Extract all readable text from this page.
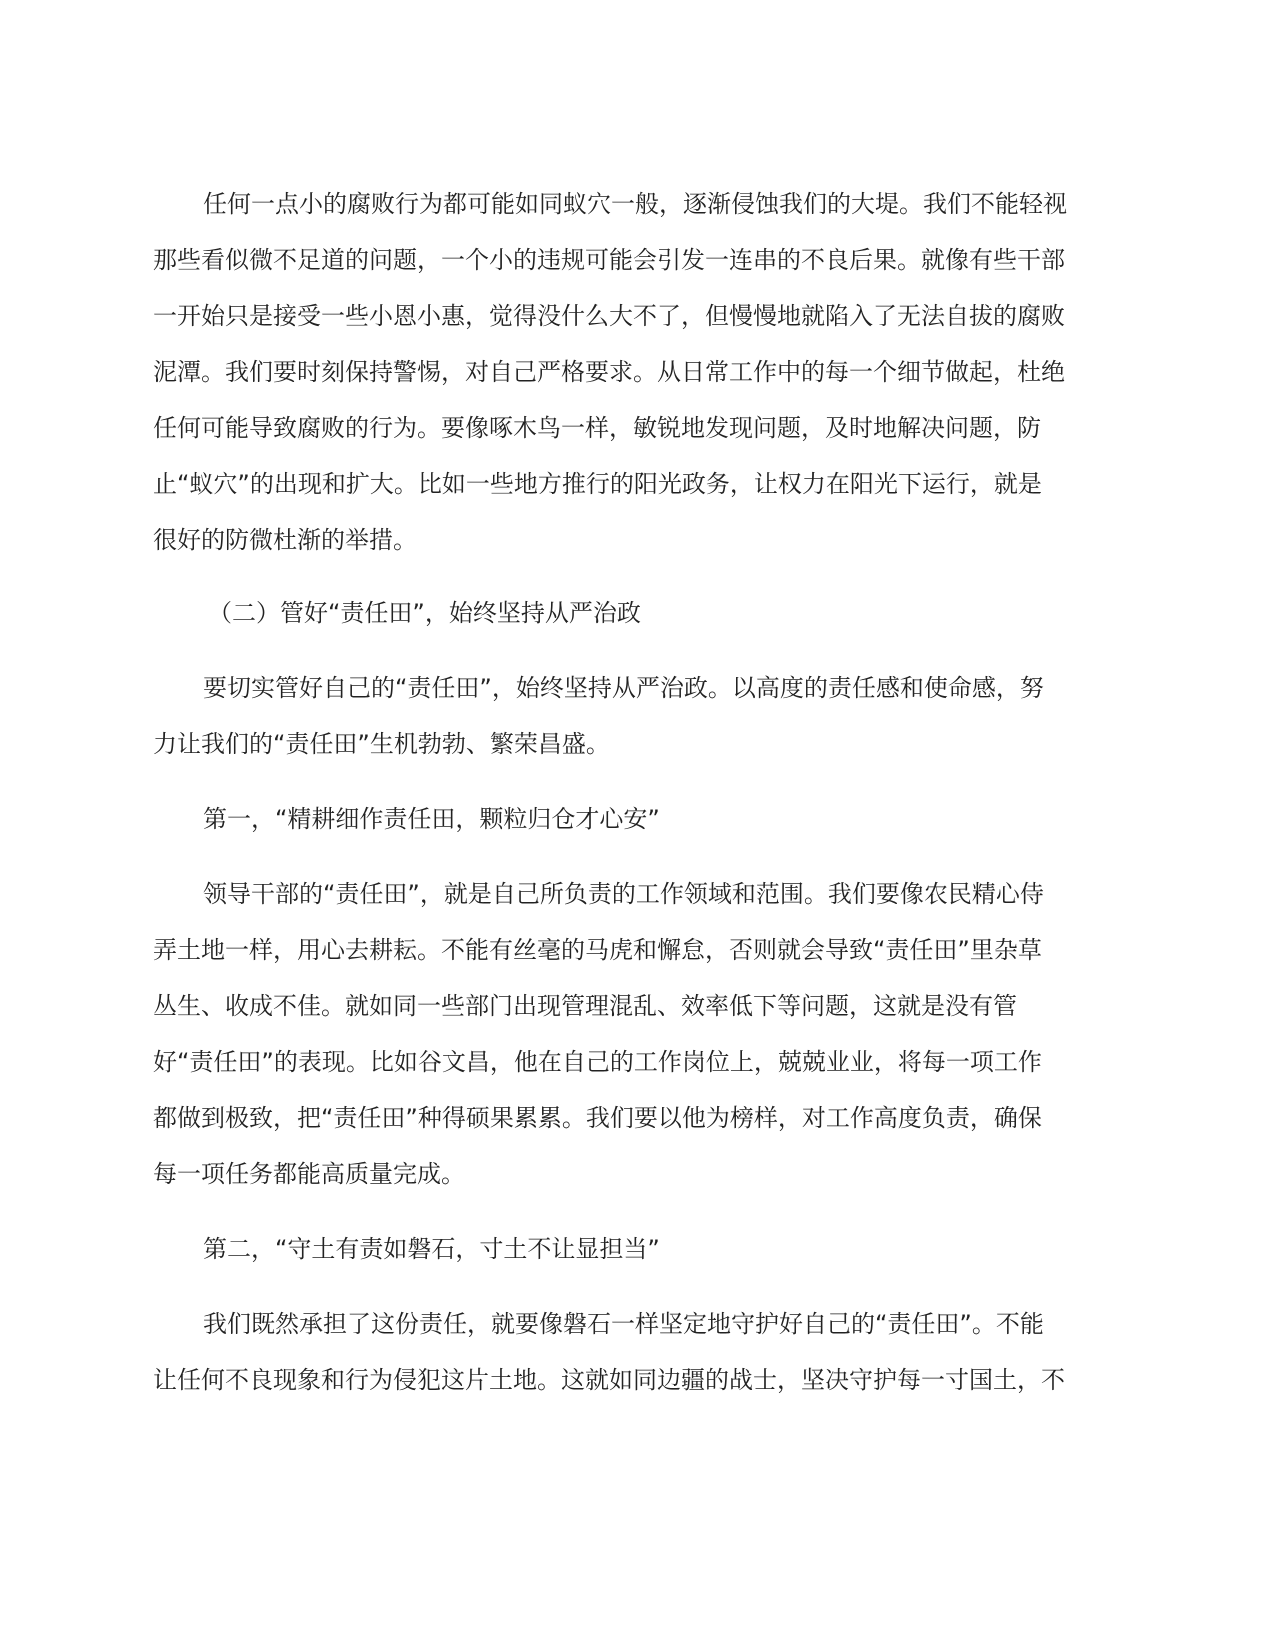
任何一点小的腐败行为都可能如同蚁穴一般，逐渐侵蚀我们的大堤。我们不能轻视
那些看似微不足道的问题，一个小的违规可能会引发一连串的不良后果。就像有些干部
一开始只是接受一些小恩小惠，觉得没什么大不了，但慢慢地就陷入了无法自拔的腐败
泥潭。我们要时刻保持警惕，对自己严格要求。从日常工作中的每一个细节做起，杜绝
任何可能导致腐败的行为。要像啄木鸟一样，敏锐地发现问题，及时地解决问题，防
止“蚁穴”的出现和扩大。比如一些地方推行的阳光政务，让权力在阳光下运行，就是
很好的防微杜渐的举措。
（二）管好“责任田”，始终坚持从严治政
要切实管好自己的“责任田”，始终坚持从严治政。以高度的责任感和使命感，努
力让我们的“责任田”生机勃勃、繁荣昌盛。
第一，“精耕细作责任田，颗粒归仓才心安”
领导干部的“责任田”，就是自己所负责的工作领域和范围。我们要像农民精心侍
弄土地一样，用心去耕耘。不能有丝毫的马虎和懈怠，否则就会导致“责任田”里杂草
丛生、收成不佳。就如同一些部门出现管理混乱、效率低下等问题，这就是没有管
好“责任田”的表现。比如谷文昌，他在自己的工作岗位上，兢兢业业，将每一项工作
都做到极致，把“责任田”种得硕果累累。我们要以他为榜样，对工作高度负责，确保
每一项任务都能高质量完成。
第二，“守土有责如磐石，寸土不让显担当”
我们既然承担了这份责任，就要像磐石一样坚定地守护好自己的“责任田”。不能
让任何不良现象和行为侵犯这片土地。这就如同边疆的战士，坚决守护每一寸国土，不
